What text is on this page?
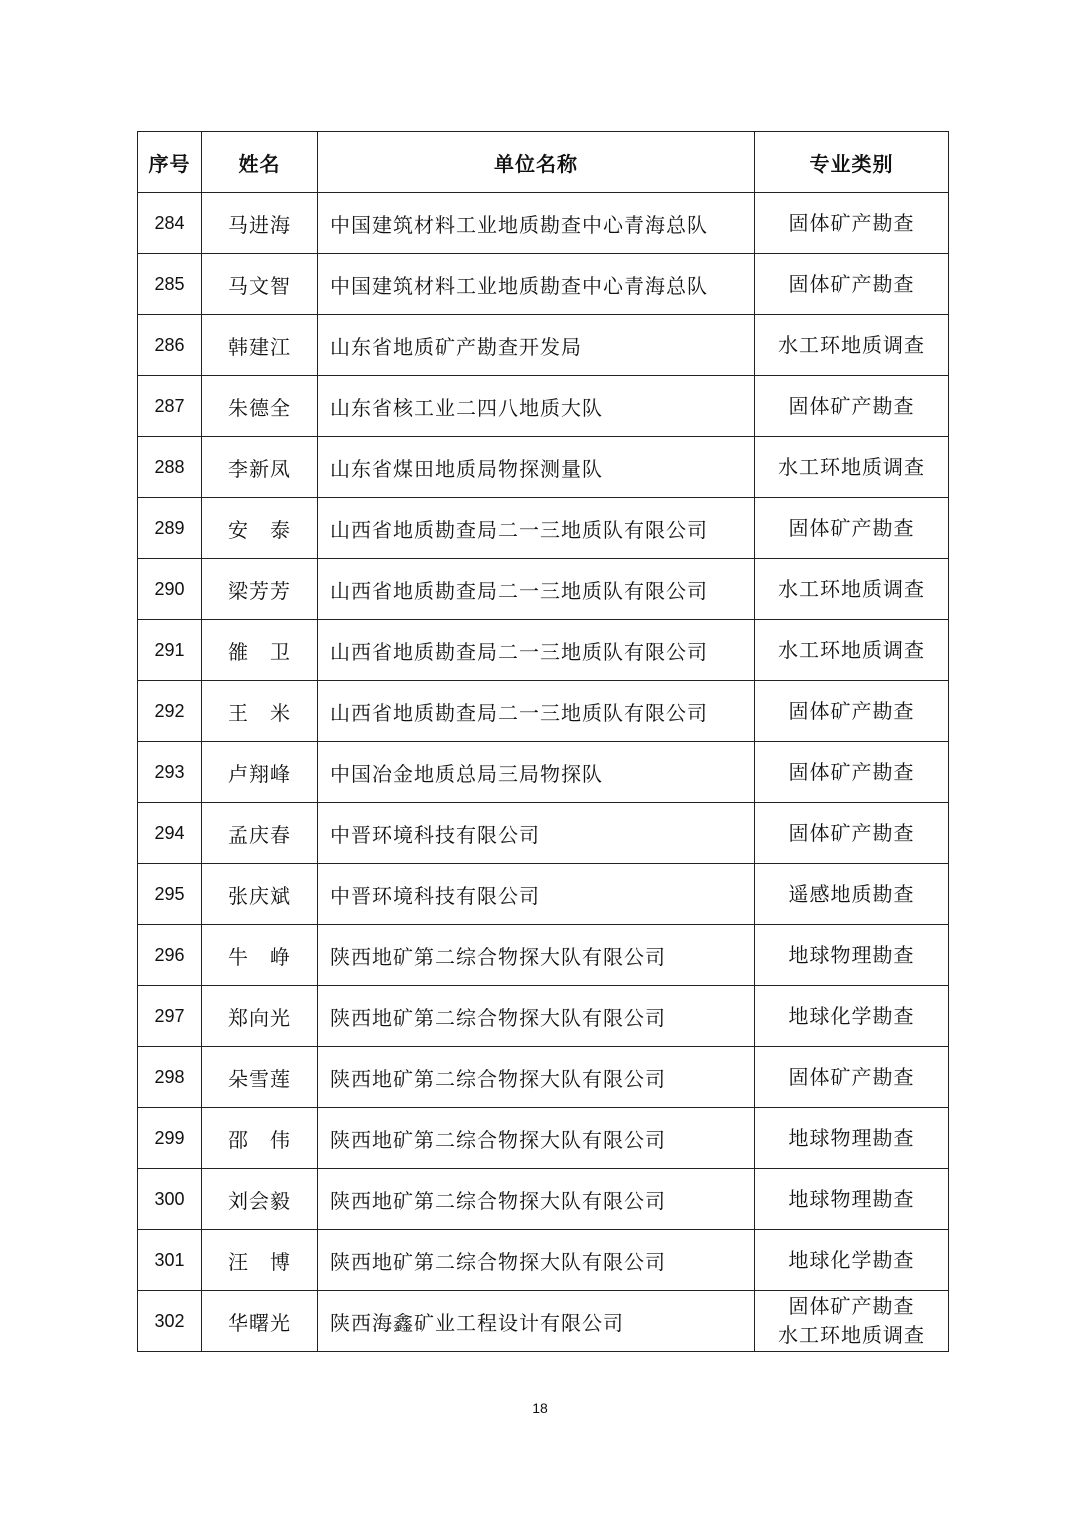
序号	姓名	单位名称	专业类别
284	马进海	中国建筑材料工业地质勘查中心青海总队	固体矿产勘查

285	马文智	中国建筑材料工业地质勘查中心青海总队	固体矿产勘查

286	韩建江	山东省地质矿产勘查开发局	水工环地质调查

287	朱德全	山东省核工业二四八地质大队	固体矿产勘查

288	李新凤	山东省煤田地质局物探测量队	水工环地质调查

289	安　泰	山西省地质勘查局二一三地质队有限公司	固体矿产勘查

290	梁芳芳	山西省地质勘查局二一三地质队有限公司	水工环地质调查

291	雒　卫	山西省地质勘查局二一三地质队有限公司	水工环地质调查

292	王　米	山西省地质勘查局二一三地质队有限公司	固体矿产勘查

293	卢翔峰	中国冶金地质总局三局物探队	固体矿产勘查

294	孟庆春	中晋环境科技有限公司	固体矿产勘查

295	张庆斌	中晋环境科技有限公司	遥感地质勘查

296	牛　峥	陕西地矿第二综合物探大队有限公司	地球物理勘查

297	郑向光	陕西地矿第二综合物探大队有限公司	地球化学勘查

298	朵雪莲	陕西地矿第二综合物探大队有限公司	固体矿产勘查

299	邵　伟	陕西地矿第二综合物探大队有限公司	地球物理勘查

300	刘会毅	陕西地矿第二综合物探大队有限公司	地球物理勘查

301	汪　博	陕西地矿第二综合物探大队有限公司	地球化学勘查

302	华曙光	陕西海鑫矿业工程设计有限公司	固体矿产勘查
水工环地质调查
18
